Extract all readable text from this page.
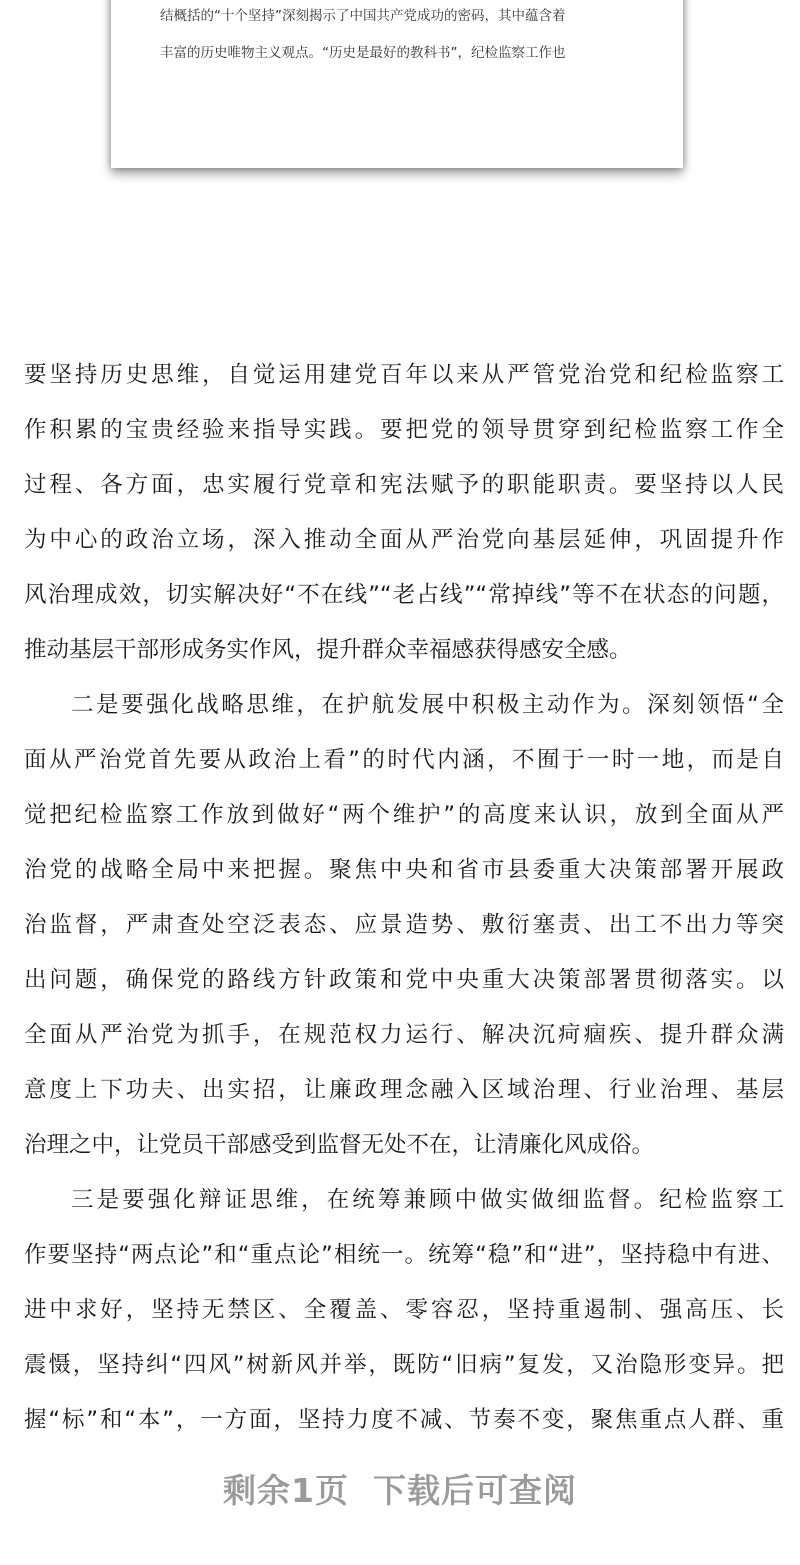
结概括的“十个坚持”深刻揭示了中国共产党成功的密码，其中蕴含着
丰富的历史唯物主义观点。“历史是最好的教科书”，纪检监察工作也
要坚持历史思维，自觉运用建党百年以来从严管党治党和纪检监察工
作积累的宝贵经验来指导实践。要把党的领导贯穿到纪检监察工作全
过程、各方面，忠实履行党章和宪法赋予的职能职责。要坚持以人民
为中心的政治立场，深入推动全面从严治党向基层延伸，巩固提升作
风治理成效，切实解决好“不在线”“老占线”“常掉线”等不在状态的问题，
推动基层干部形成务实作风，提升群众幸福感获得感安全感。
二是要强化战略思维，在护航发展中积极主动作为。深刻领悟“全
面从严治党首先要从政治上看”的时代内涵，不囿于一时一地，而是自
觉把纪检监察工作放到做好“两个维护”的高度来认识，放到全面从严
治党的战略全局中来把握。聚焦中央和省市县委重大决策部署开展政
治监督，严肃查处空泛表态、应景造势、敷衍塞责、出工不出力等突
出问题，确保党的路线方针政策和党中央重大决策部署贯彻落实。以
全面从严治党为抓手，在规范权力运行、解决沉疴痼疾、提升群众满
意度上下功夫、出实招，让廉政理念融入区域治理、行业治理、基层
治理之中，让党员干部感受到监督无处不在，让清廉化风成俗。
三是要强化辩证思维，在统筹兼顾中做实做细监督。纪检监察工
作要坚持“两点论”和“重点论”相统一。统筹“稳”和“进”，坚持稳中有进、
进中求好，坚持无禁区、全覆盖、零容忍，坚持重遏制、强高压、长
震慑，坚持纠“四风”树新风并举，既防“旧病”复发，又治隐形变异。把
握“标”和“本”，一方面，坚持力度不减、节奏不变，聚焦重点人群、重
剩余1页 下载后可查阅
